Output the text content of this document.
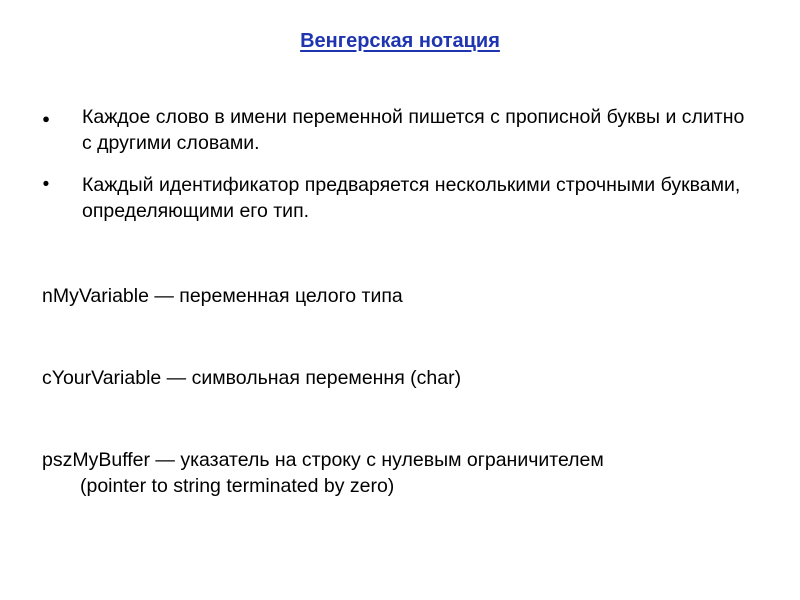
Венгерская нотация
●	Каждое слово в имени переменной пишется с прописной буквы и слитно с другими словами.
•	Каждый идентификатор предваряется несколькими строчными буквами, определяющими его тип.
nMyVariable — переменная целого типа
cYourVariable — символьная перемення (char)
pszMyBuffer — указатель на строку с нулевым ограничителем
(pointer to string terminated by zero)
